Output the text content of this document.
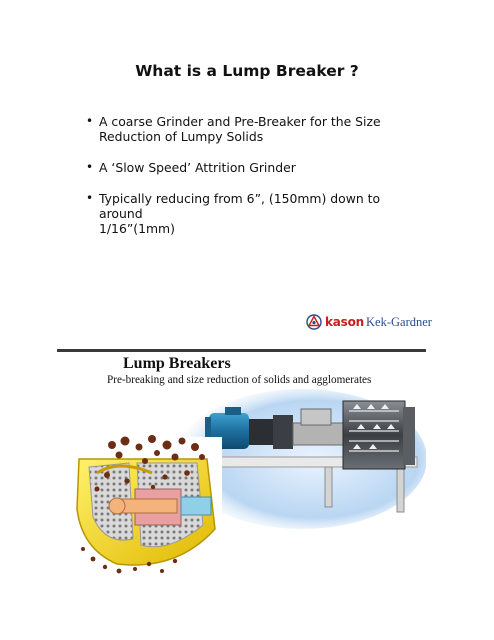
What is a Lump Breaker ?
• A coarse Grinder and Pre-Breaker for the Size
Reduction of Lumpy Solids
• A ‘Slow Speed’ Attrition Grinder
• Typically reducing from 6”, (150mm) down to around
1/16”(1mm)
kason Kek-Gardner
Lump Breakers
Pre-breaking and size reduction of solids and agglomerates
